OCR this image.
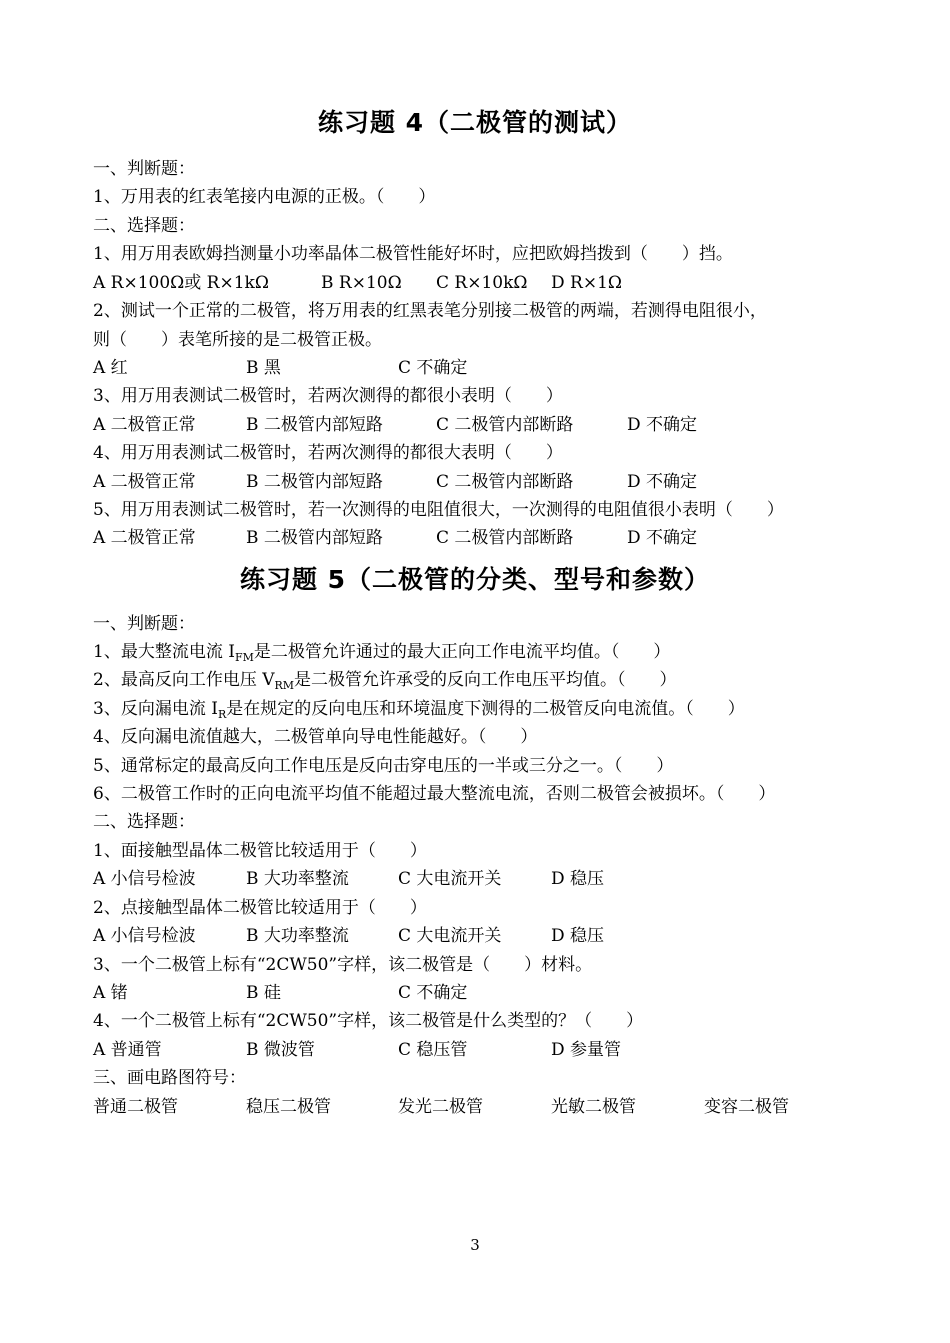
练习题 4（二极管的测试）
一、判断题：
1、万用表的红表笔接内电源的正极。（　　）
二、选择题：
1、用万用表欧姆挡测量小功率晶体二极管性能好坏时，应把欧姆挡拨到（　　）挡。
A R×100Ω或 R×1kΩ	B R×10Ω C R×10kΩ D R×1Ω
2、测试一个正常的二极管，将万用表的红黑表笔分别接二极管的两端，若测得电阻很小，
则（　　）表笔所接的是二极管正极。
A 红	B 黑	C 不确定
3、用万用表测试二极管时，若两次测得的都很小表明（　　）
A 二极管正常	B 二极管内部短路	C 二极管内部断路	D 不确定
4、用万用表测试二极管时，若两次测得的都很大表明（　　）
A 二极管正常	B 二极管内部短路	C 二极管内部断路	D 不确定
5、用万用表测试二极管时，若一次测得的电阻值很大，一次测得的电阻值很小表明（　　）
A 二极管正常	B 二极管内部短路	C 二极管内部断路	D 不确定
练习题 5（二极管的分类、型号和参数）
一、判断题：
1、最大整流电流 $I_{FM}$是二极管允许通过的最大正向工作电流平均值。（　　）
2、最高反向工作电压 $V_{RM}$是二极管允许承受的反向工作电压平均值。（　　）
3、反向漏电流 $I_R$是在规定的反向电压和环境温度下测得的二极管反向电流值。（　　）
4、反向漏电流值越大，二极管单向导电性能越好。（　　）
5、通常标定的最高反向工作电压是反向击穿电压的一半或三分之一。（　　）
6、二极管工作时的正向电流平均值不能超过最大整流电流，否则二极管会被损坏。（　　）
二、选择题：
1、面接触型晶体二极管比较适用于（　　）
A 小信号检波	B 大功率整流	C 大电流开关	D 稳压
2、点接触型晶体二极管比较适用于（　　）
A 小信号检波	B 大功率整流	C 大电流开关	D 稳压
3、一个二极管上标有“2CW50”字样，该二极管是（　　）材料。
A 锗	B 硅	C 不确定
4、一个二极管上标有“2CW50”字样，该二极管是什么类型的？（　　）
A 普通管	B 微波管	C 稳压管	D 参量管
三、画电路图符号：
普通二极管	稳压二极管	发光二极管	光敏二极管	变容二极管
3
